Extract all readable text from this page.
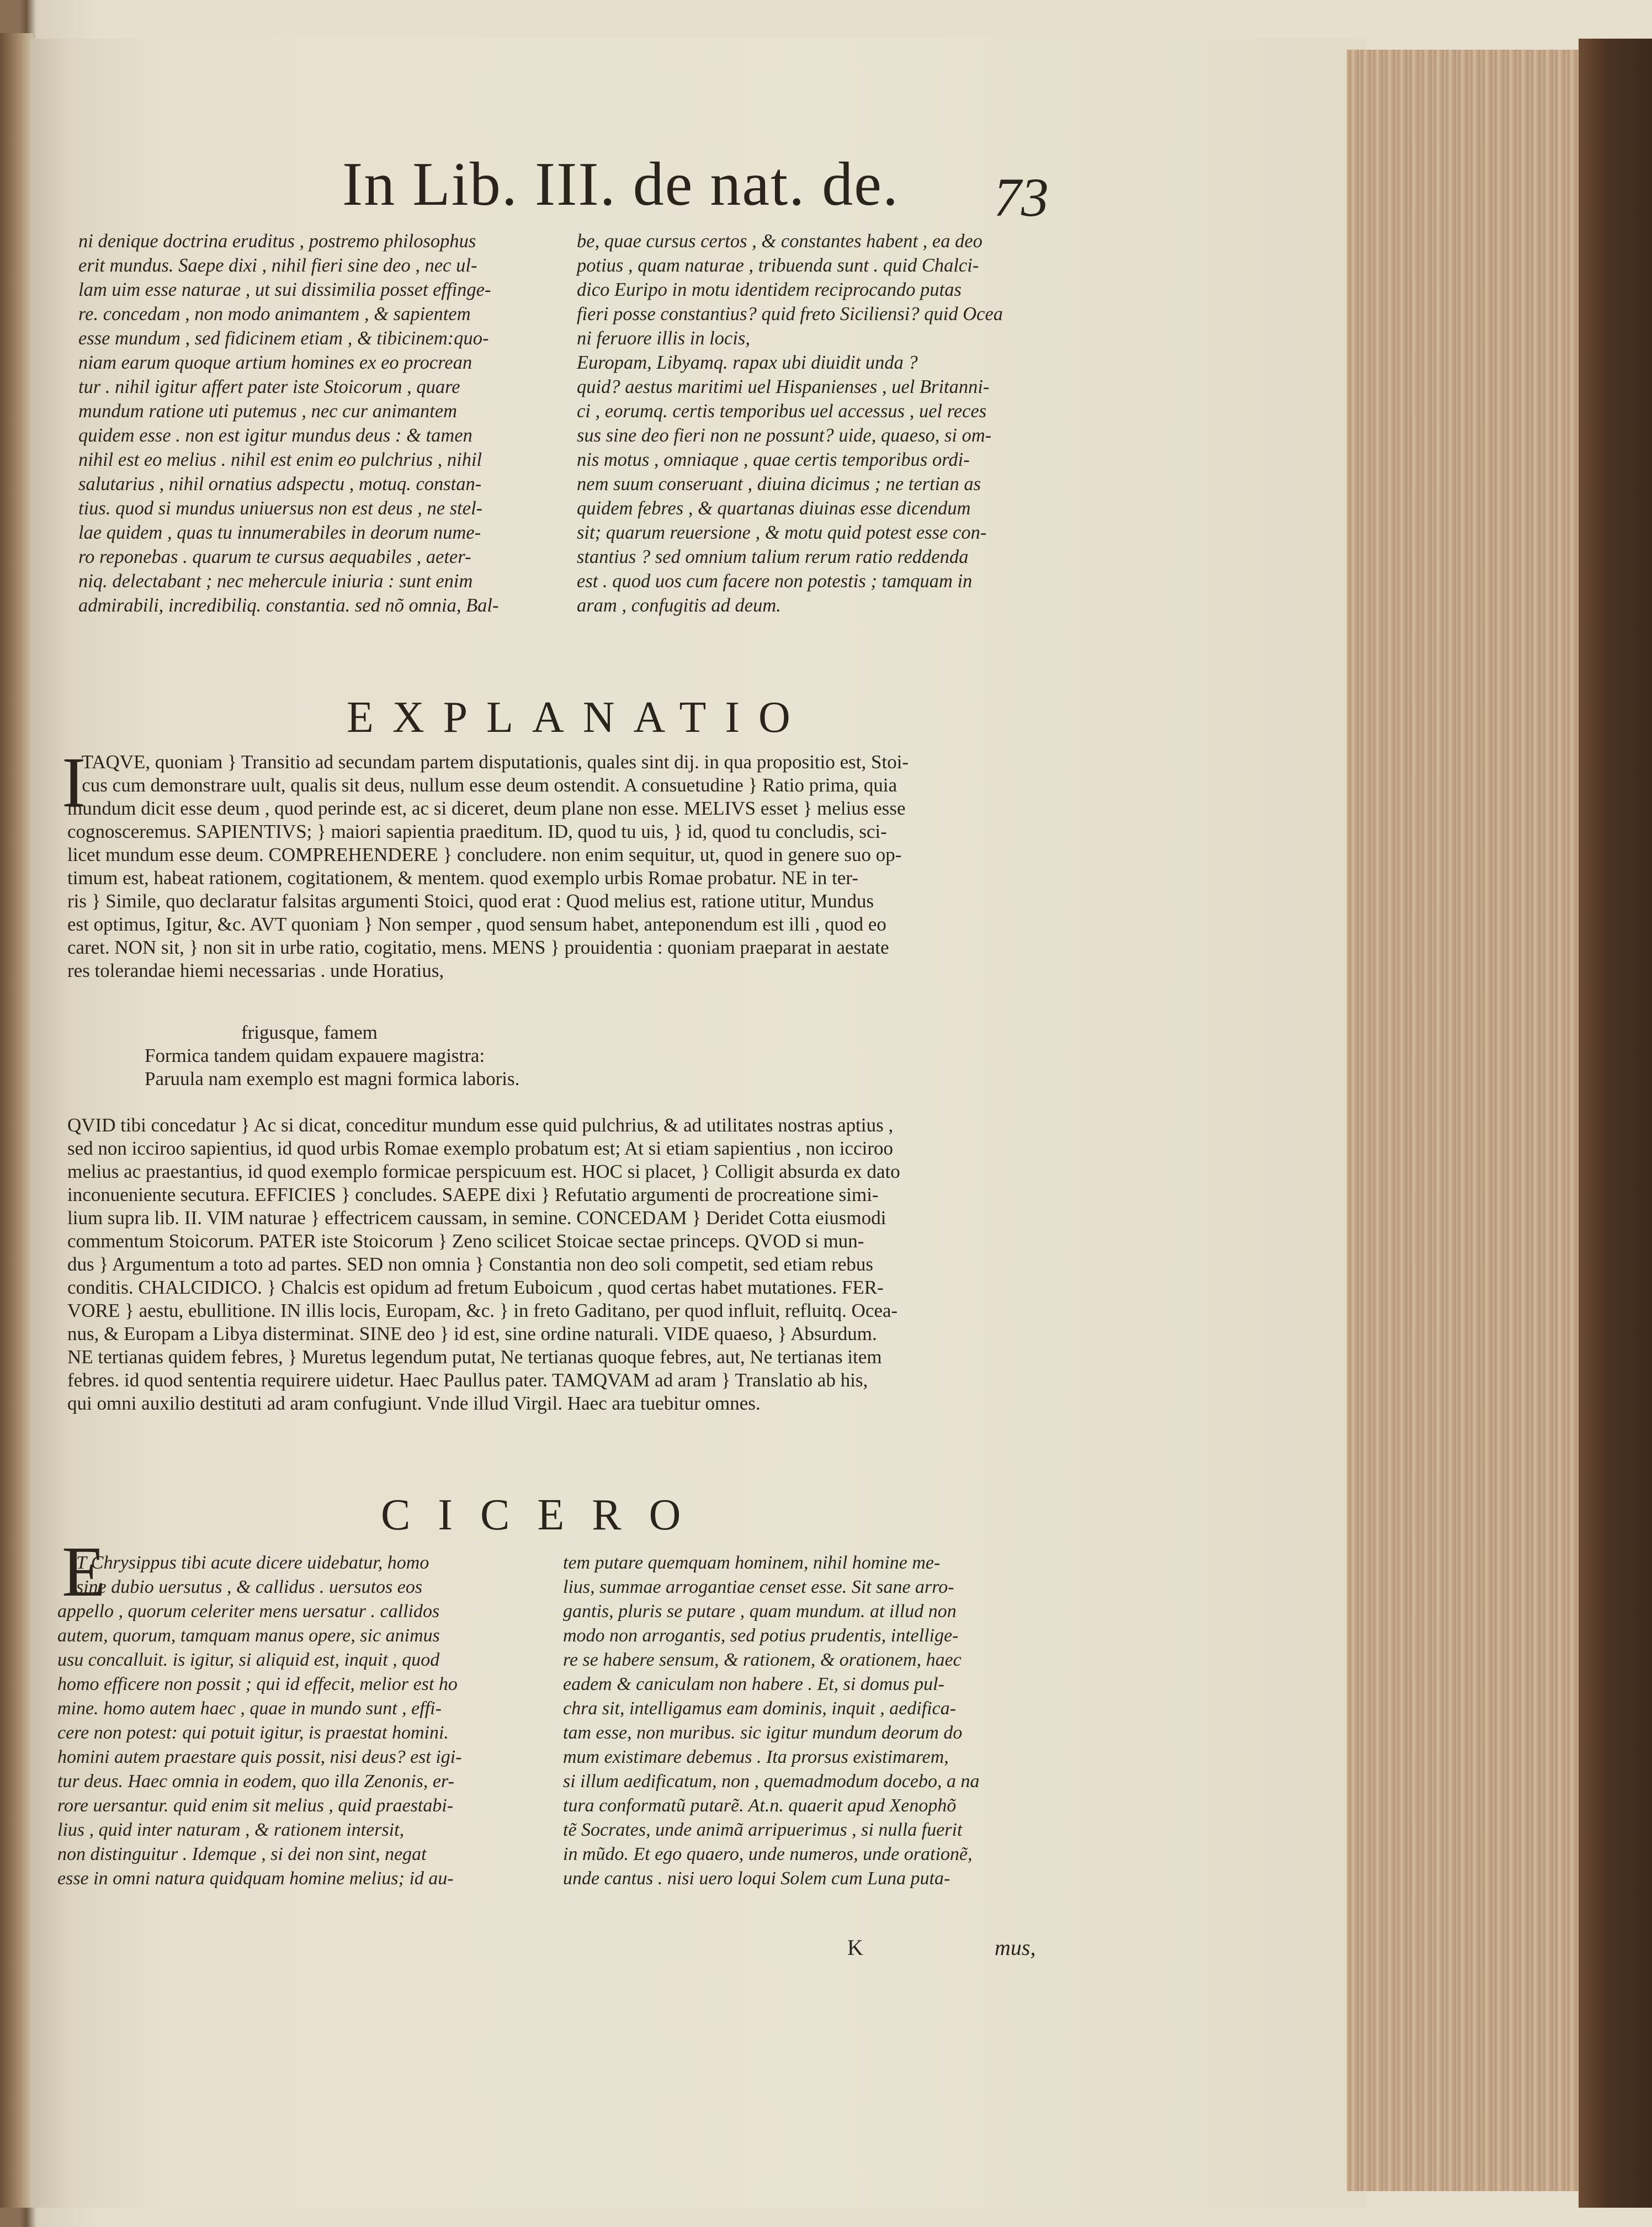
In Lib. III. de nat. de.	73
ni denique doctrina eruditus , postremo philosophus
erit mundus. Saepe dixi , nihil fieri sine deo , nec ul-
lam uim esse naturae , ut sui dissimilia posset effinge-
re. concedam , non modo animantem , & sapientem
esse mundum , sed fidicinem etiam , & tibicinem:quo-
niam earum quoque artium homines ex eo procrean
tur . nihil igitur affert pater iste Stoicorum , quare
mundum ratione uti putemus , nec cur animantem
quidem esse . non est igitur mundus deus : & tamen
nihil est eo melius . nihil est enim eo pulchrius , nihil
salutarius , nihil ornatius adspectu , motuq. constan-
tius. quod si mundus uniuersus non est deus , ne stel-
lae quidem , quas tu innumerabiles in deorum nume-
ro reponebas . quarum te cursus aequabiles , aeter-
niq. delectabant ; nec mehercule iniuria : sunt enim
admirabili, incredibiliq. constantia. sed nõ omnia, Bal-
be, quae cursus certos , & constantes habent , ea deo
potius , quam naturae , tribuenda sunt . quid Chalci-
dico Euripo in motu identidem reciprocando putas
fieri posse constantius? quid freto Siciliensi? quid Ocea
ni feruore illis in locis,
Europam, Libyamq. rapax ubi diuidit unda ?
quid? aestus maritimi uel Hispanienses , uel Britanni-
ci , eorumq. certis temporibus uel accessus , uel reces
sus sine deo fieri non ne possunt? uide, quaeso, si om-
nis motus , omniaque , quae certis temporibus ordi-
nem suum conseruant , diuina dicimus ; ne tertian as
quidem febres , & quartanas diuinas esse dicendum
sit; quarum reuersione , & motu quid potest esse con-
stantius ? sed omnium talium rerum ratio reddenda
est . quod uos cum facere non potestis ; tamquam in
aram , confugitis ad deum.
EXPLANATIO
I
TAQVE, quoniam } Transitio ad secundam partem disputationis, quales sint dij. in qua propositio est, Stoi-
cus cum demonstrare uult, qualis sit deus, nullum esse deum ostendit. A consuetudine } Ratio prima, quia
mundum dicit esse deum , quod perinde est, ac si diceret, deum plane non esse. MELIVS esset } melius esse
cognosceremus. SAPIENTIVS; } maiori sapientia praeditum. ID, quod tu uis, } id, quod tu concludis, sci-
licet mundum esse deum. COMPREHENDERE } concludere. non enim sequitur, ut, quod in genere suo op-
timum est, habeat rationem, cogitationem, & mentem. quod exemplo urbis Romae probatur. NE in ter-
ris } Simile, quo declaratur falsitas argumenti Stoici, quod erat : Quod melius est, ratione utitur, Mundus
est optimus, Igitur, &c. AVT quoniam } Non semper , quod sensum habet, anteponendum est illi , quod eo
caret. NON sit, } non sit in urbe ratio, cogitatio, mens. MENS } prouidentia : quoniam praeparat in aestate
res tolerandae hiemi necessarias . unde Horatius,
frigusque, famem
Formica tandem quidam expauere magistra:
Paruula nam exemplo est magni formica laboris.
QVID tibi concedatur } Ac si dicat, conceditur mundum esse quid pulchrius, & ad utilitates nostras aptius ,
sed non icciroo sapientius, id quod urbis Romae exemplo probatum est; At si etiam sapientius , non icciroo
melius ac praestantius, id quod exemplo formicae perspicuum est. HOC si placet, } Colligit absurda ex dato
inconueniente secutura. EFFICIES } concludes. SAEPE dixi } Refutatio argumenti de procreatione simi-
lium supra lib. II. VIM naturae } effectricem caussam, in semine. CONCEDAM } Deridet Cotta eiusmodi
commentum Stoicorum. PATER iste Stoicorum } Zeno scilicet Stoicae sectae princeps. QVOD si mun-
dus } Argumentum a toto ad partes. SED non omnia } Constantia non deo soli competit, sed etiam rebus
conditis. CHALCIDICO. } Chalcis est opidum ad fretum Euboicum , quod certas habet mutationes. FER-
VORE } aestu, ebullitione. IN illis locis, Europam, &c. } in freto Gaditano, per quod influit, refluitq. Ocea-
nus, & Europam a Libya disterminat. SINE deo } id est, sine ordine naturali. VIDE quaeso, } Absurdum.
NE tertianas quidem febres, } Muretus legendum putat, Ne tertianas quoque febres, aut, Ne tertianas item
febres. id quod sententia requirere uidetur. Haec Paullus pater. TAMQVAM ad aram } Translatio ab his,
qui omni auxilio destituti ad aram confugiunt. Vnde illud Virgil. Haec ara tuebitur omnes.
CICERO
E
T Chrysippus tibi acute dicere uidebatur, homo
sine dubio uersutus , & callidus . uersutos eos
appello , quorum celeriter mens uersatur . callidos
autem, quorum, tamquam manus opere, sic animus
usu concalluit. is igitur, si aliquid est, inquit , quod
homo efficere non possit ; qui id effecit, melior est ho
mine. homo autem haec , quae in mundo sunt , effi-
cere non potest: qui potuit igitur, is praestat homini.
homini autem praestare quis possit, nisi deus? est igi-
tur deus. Haec omnia in eodem, quo illa Zenonis, er-
rore uersantur. quid enim sit melius , quid praestabi-
lius , quid inter naturam , & rationem intersit,
non distinguitur . Idemque , si dei non sint, negat
esse in omni natura quidquam homine melius; id au-
tem putare quemquam hominem, nihil homine me-
lius, summae arrogantiae censet esse. Sit sane arro-
gantis, pluris se putare , quam mundum. at illud non
modo non arrogantis, sed potius prudentis, intellige-
re se habere sensum, & rationem, & orationem, haec
eadem & caniculam non habere . Et, si domus pul-
chra sit, intelligamus eam dominis, inquit , aedifica-
tam esse, non muribus. sic igitur mundum deorum do
mum existimare debemus . Ita prorsus existimarem,
si illum aedificatum, non , quemadmodum docebo, a na
tura conformatũ putarẽ. At.n. quaerit apud Xenophõ
tẽ Socrates, unde animã arripuerimus , si nulla fuerit
in mũdo. Et ego quaero, unde numeros, unde orationẽ,
unde cantus . nisi uero loqui Solem cum Luna puta-
K	mus,
